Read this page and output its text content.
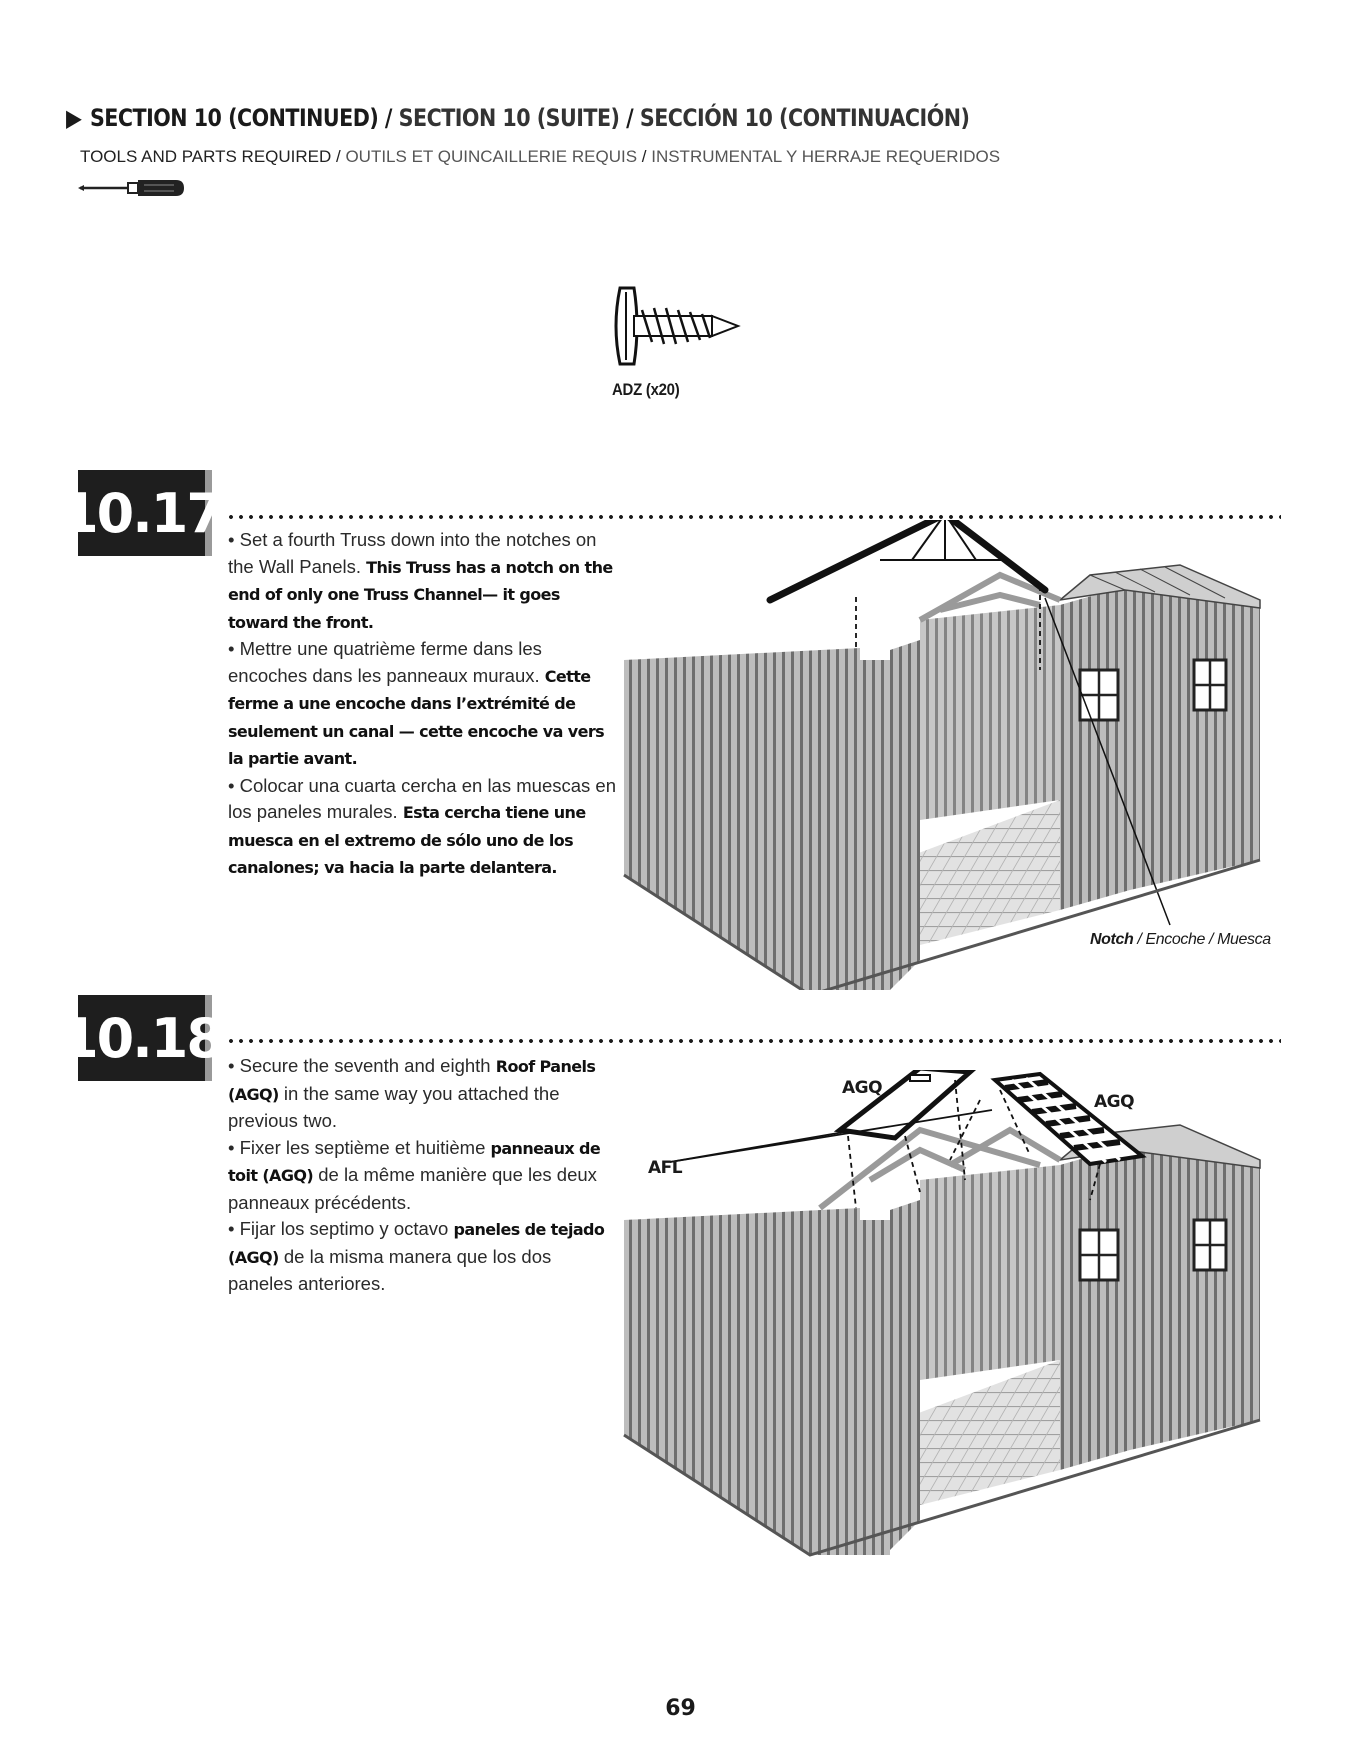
▶ SECTION 10 (CONTINUED) / SECTION 10 (SUITE) / SECCIÓN 10 (CONTINUACIÓN)
TOOLS AND PARTS REQUIRED / OUTILS ET QUINCAILLERIE REQUIS / INSTRUMENTAL Y HERRAJE REQUERIDOS
ADZ (x20)
10.17 • Set a fourth Truss down into the notches on the Wall Panels. This Truss has a notch on the end of only one Truss Channel— it goes toward the front.

• Mettre une quatrième ferme dans les encoches dans les panneaux muraux. Cette ferme a une encoche dans l’extrémité de seulement un canal — cette encoche va vers la partie avant.

• Colocar una cuarta cercha en las muescas en los paneles murales. Esta cercha tiene une muesca en el extremo de sólo uno de los canalones; va hacia la parte delantera.

Notch / Encoche / Muesca
10.18 • Secure the seventh and eighth Roof Panels (AGQ) in the same way you attached the previous two.

• Fixer les septième et huitième panneaux de toit (AGQ) de la même manière que les deux panneaux précédents.

• Fijar los septimo y octavo paneles de tejado (AGQ) de la misma manera que los dos paneles anteriores.

AGQ
AGQ
AFL
69
